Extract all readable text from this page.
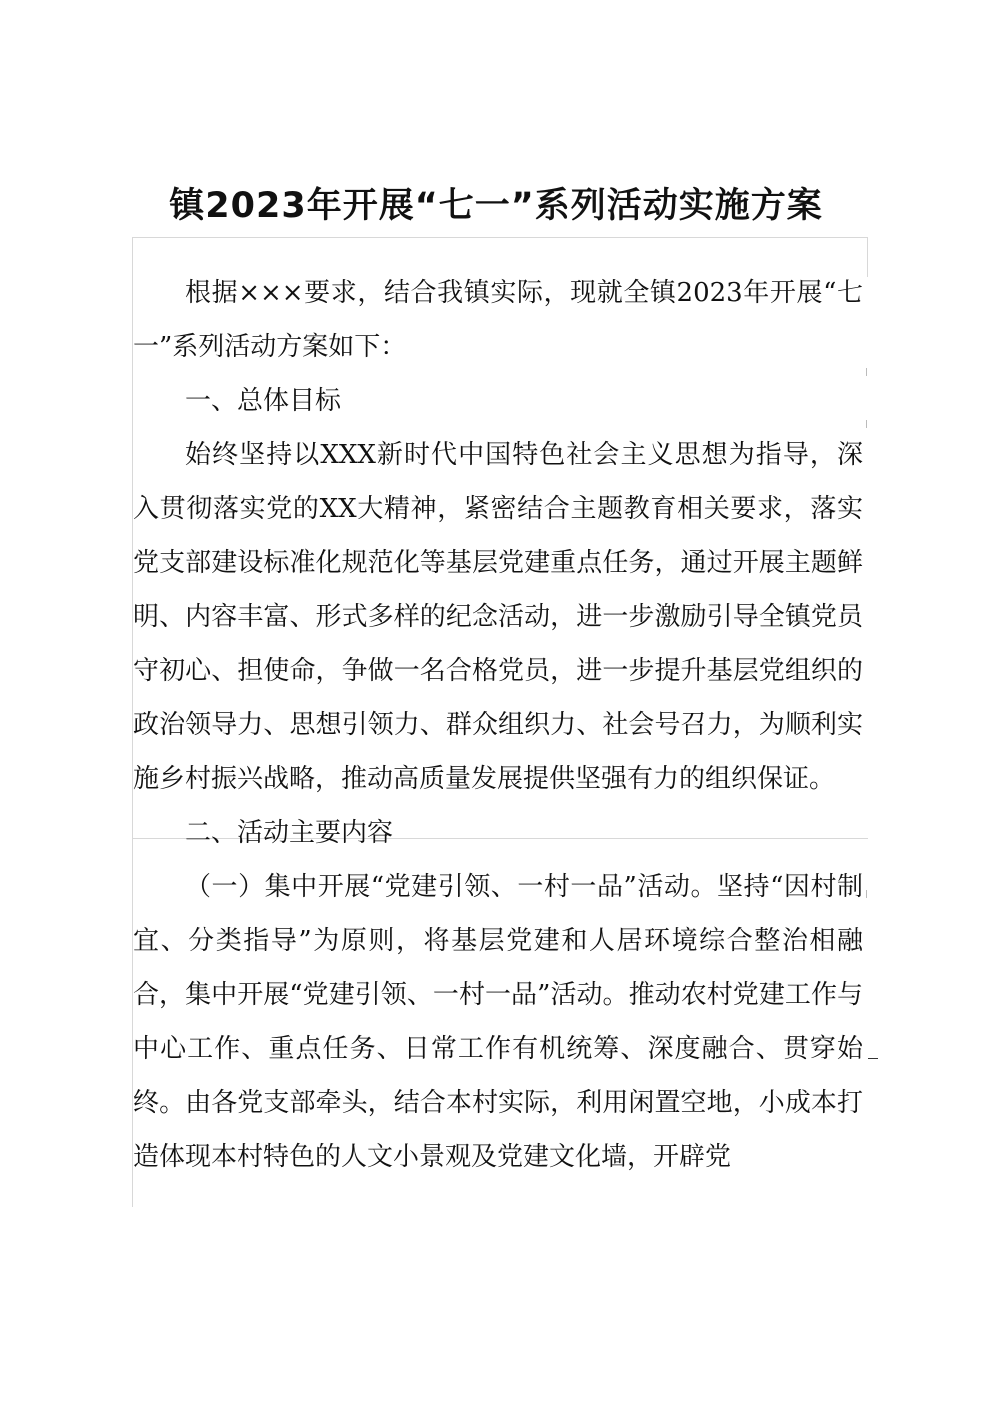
镇2023年开展“七一”系列活动实施方案

根据×××要求，结合我镇实际，现就全镇2023年开展“七一”系列活动方案如下：

一、总体目标

始终坚持以XXX新时代中国特色社会主义思想为指导，深入贯彻落实党的XX大精神，紧密结合主题教育相关要求，落实党支部建设标准化规范化等基层党建重点任务，通过开展主题鲜明、内容丰富、形式多样的纪念活动，进一步激励引导全镇党员守初心、担使命，争做一名合格党员，进一步提升基层党组织的政治领导力、思想引领力、群众组织力、社会号召力，为顺利实施乡村振兴战略，推动高质量发展提供坚强有力的组织保证。

二、活动主要内容

（一）集中开展“党建引领、一村一品”活动。坚持“因村制宜、分类指导”为原则，将基层党建和人居环境综合整治相融合，集中开展“党建引领、一村一品”活动。推动农村党建工作与中心工作、重点任务、日常工作有机统筹、深度融合、贯穿始终。由各党支部牵头，结合本村实际，利用闲置空地，小成本打造体现本村特色的人文小景观及党建文化墙，开辟党
